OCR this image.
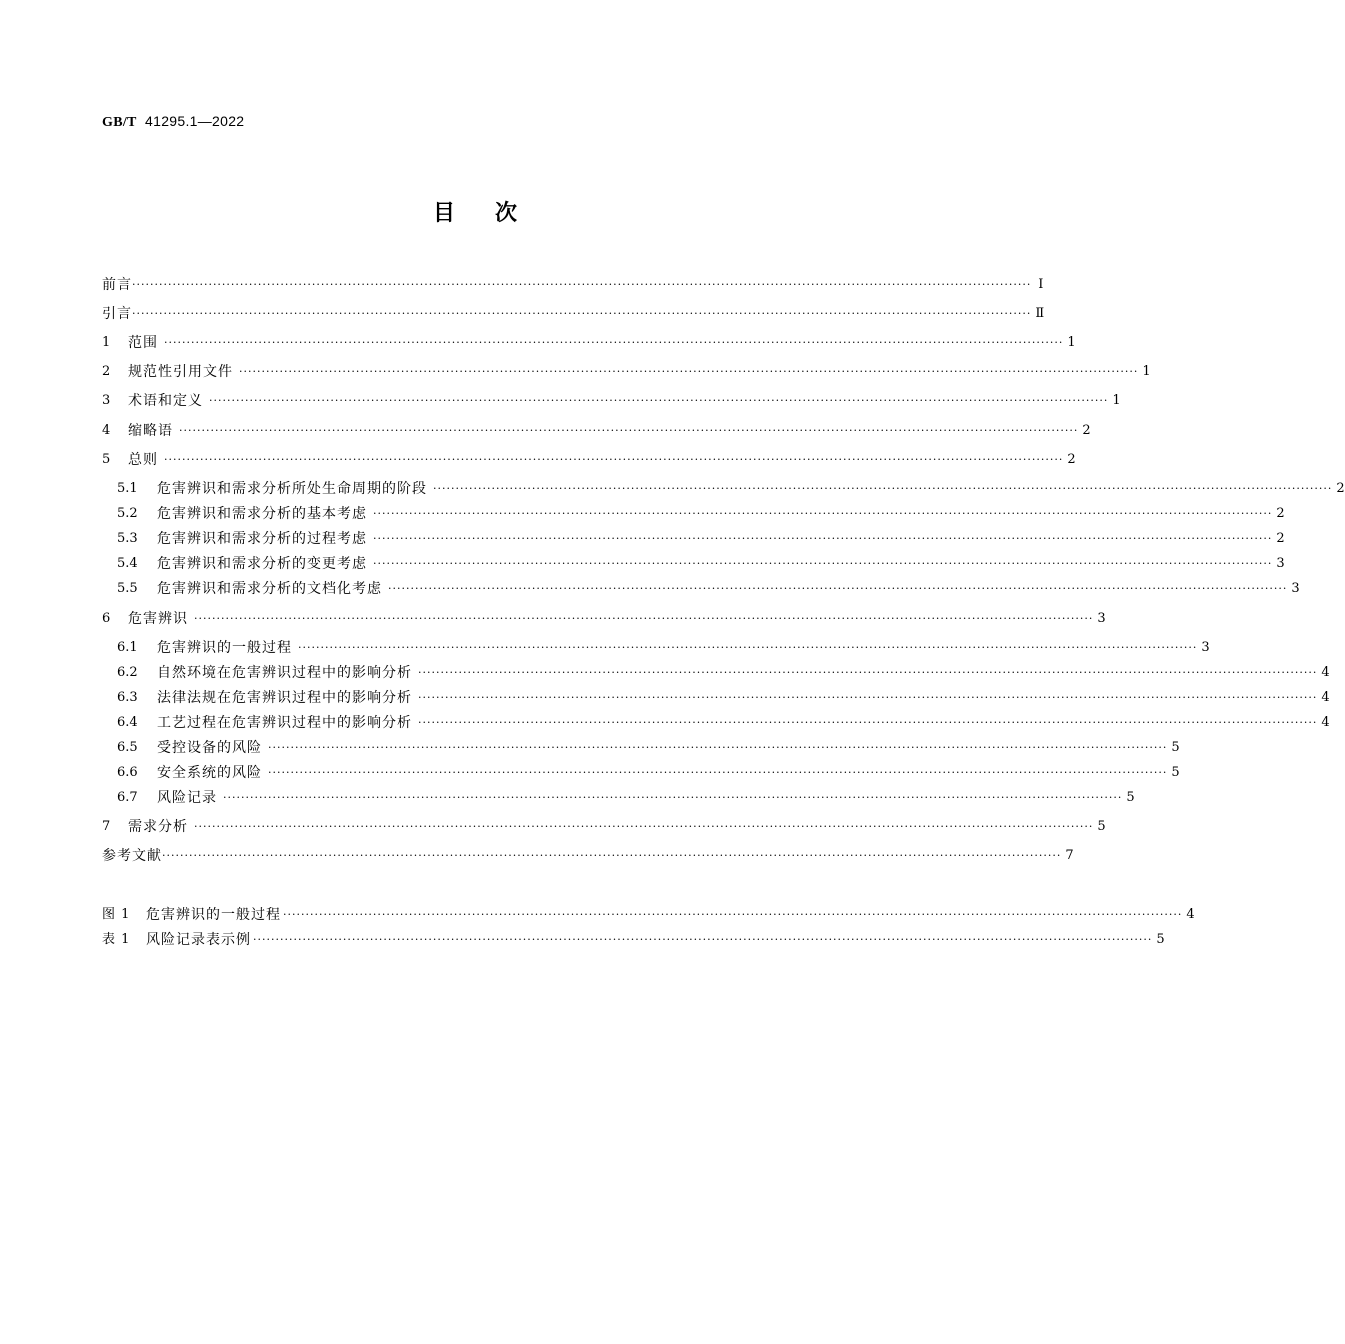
GB/T 41295.1—2022
目 次
前言 ········································································································································································································ Ⅰ
引言 ········································································································································································································ Ⅱ
1	范围 ········································································································································································································ 1
2	规范性引用文件 ········································································································································································································ 1
3	术语和定义 ········································································································································································································ 1
4	缩略语 ········································································································································································································ 2
5	总则 ········································································································································································································ 2
5.1	危害辨识和需求分析所处生命周期的阶段 ········································································································································································································ 2
5.2	危害辨识和需求分析的基本考虑 ········································································································································································································ 2
5.3	危害辨识和需求分析的过程考虑 ········································································································································································································ 2
5.4	危害辨识和需求分析的变更考虑 ········································································································································································································ 3
5.5	危害辨识和需求分析的文档化考虑 ········································································································································································································ 3
6	危害辨识 ········································································································································································································ 3
6.1	危害辨识的一般过程 ········································································································································································································ 3
6.2	自然环境在危害辨识过程中的影响分析 ········································································································································································································ 4
6.3	法律法规在危害辨识过程中的影响分析 ········································································································································································································ 4
6.4	工艺过程在危害辨识过程中的影响分析 ········································································································································································································ 4
6.5	受控设备的风险 ········································································································································································································ 5
6.6	安全系统的风险 ········································································································································································································ 5
6.7	风险记录 ········································································································································································································ 5
7	需求分析 ········································································································································································································ 5
参考文献 ········································································································································································································ 7
图 1	危害辨识的一般过程 ········································································································································································································ 4
表 1	风险记录表示例 ········································································································································································································ 5
